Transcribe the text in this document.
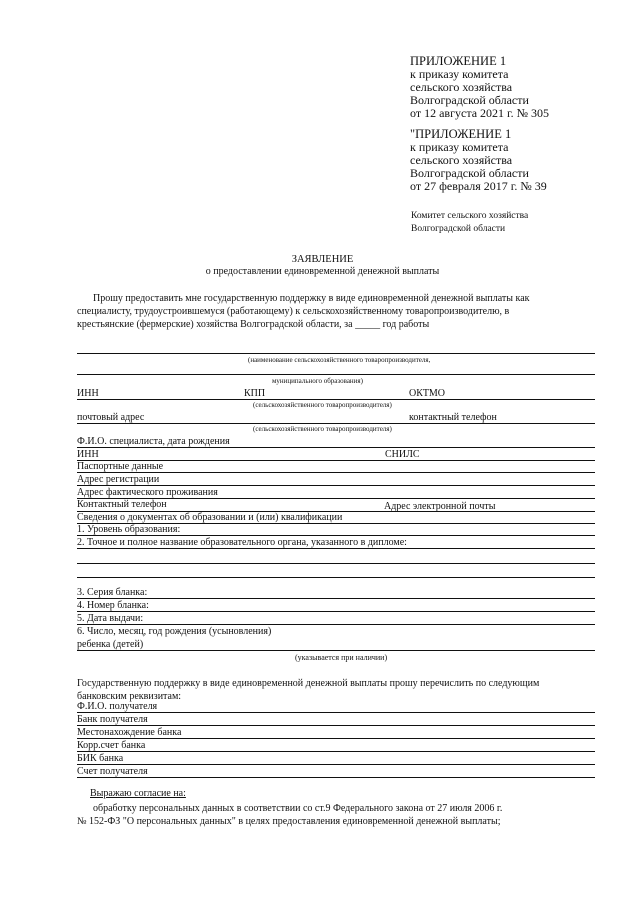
ПРИЛОЖЕНИЕ 1
к приказу комитета
сельского хозяйства
Волгоградской области
от 12 августа 2021 г. № 305
"ПРИЛОЖЕНИЕ 1
к приказу комитета
сельского хозяйства
Волгоградской области
от 27 февраля 2017 г. № 39
Комитет сельского хозяйства
Волгоградской области
ЗАЯВЛЕНИЕ
о предоставлении единовременной денежной выплаты
Прошу предоставить мне государственную поддержку в виде единовременной денежной выплаты как
специалисту, трудоустроившемуся (работающему) к сельскохозяйственному товаропроизводителю, в
крестьянские (фермерские) хозяйства Волгоградской области, за _____ год работы
(наименование сельскохозяйственного товаропроизводителя,
муниципального образования)
ИНН	КПП	ОКТМО
(сельскохозяйственного товаропроизводителя)
почтовый адрес	контактный телефон
(сельскохозяйственного товаропроизводителя)
Ф.И.О. специалиста, дата рождения
ИНН	СНИЛС
Паспортные данные
Адрес регистрации
Адрес фактического проживания
Контактный телефон	Адрес электронной почты
Сведения о документах об образовании и (или) квалификации
1. Уровень образования:
2. Точное и полное название образовательного органа, указанного в дипломе:
3. Серия бланка:
4. Номер бланка:
5. Дата выдачи:
6. Число, месяц, год рождения (усыновления)
ребенка (детей)
(указывается при наличии)
Государственную поддержку в виде единовременной денежной выплаты прошу перечислить по следующим
банковским реквизитам:
Ф.И.О. получателя
Банк получателя
Местонахождение банка
Корр.счет банка
БИК банка
Счет получателя
Выражаю согласие на:
обработку персональных данных в соответствии со ст.9 Федерального закона от 27 июля 2006 г.
№ 152-ФЗ "О персональных данных" в целях предоставления единовременной денежной выплаты;
